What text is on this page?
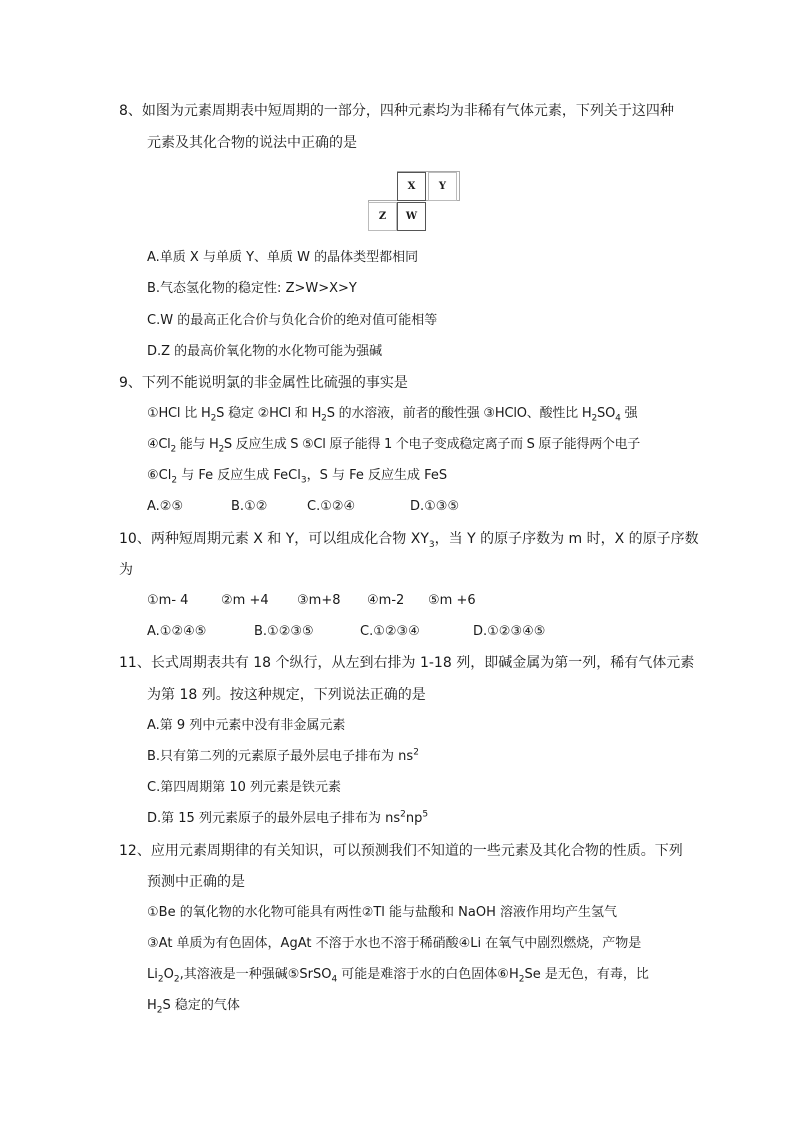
8、如图为元素周期表中短周期的一部分，四种元素均为非稀有气体元素，下列关于这四种
元素及其化合物的说法中正确的是
X	Y
Z	W
A.单质 X 与单质 Y、单质 W 的晶体类型都相同
B.气态氢化物的稳定性: Z>W>X>Y
C.W 的最高正化合价与负化合价的绝对值可能相等
D.Z 的最高价氧化物的水化物可能为强碱
9、下列不能说明氯的非金属性比硫强的事实是
①HCl 比 $H_2S$ 稳定 ②HCl 和 $H_2S$ 的水溶液，前者的酸性强 ③HClO、酸性比 $H_2SO_4$ 强
$④Cl_2$ 能与 $H_2S$ 反应生成 S ⑤Cl 原子能得 1 个电子变成稳定离子而 S 原子能得两个电子
$⑥Cl_2$ 与 Fe 反应生成 FeCl$_3$，S 与 Fe 反应生成 FeS
A.②⑤	B.①②	C.①②④	D.①③⑤
10、两种短周期元素 X 和 Y，可以组成化合物 $XY_3$，当 Y 的原子序数为 m 时，X 的原子序数
为
①m- 4	②m +4 ③m+8 ④m-2 ⑤m +6
A.①②④⑤	B.①②③⑤	C.①②③④	D.①②③④⑤
11、长式周期表共有 18 个纵行，从左到右排为 1-18 列，即碱金属为第一列，稀有气体元素
为第 18 列。按这种规定，下列说法正确的是
A.第 9 列中元素中没有非金属元素
B.只有第二列的元素原子最外层电子排布为 $ns^2$
C.第四周期第 10 列元素是铁元素
D.第 15 列元素原子的最外层电子排布为 $ns^2np^5$
12、应用元素周期律的有关知识，可以预测我们不知道的一些元素及其化合物的性质。下列
预测中正确的是
①Be 的氧化物的水化物可能具有两性②Tl 能与盐酸和 NaOH 溶液作用均产生氢气
③At 单质为有色固体，AgAt 不溶于水也不溶于稀硝酸④Li 在氧气中剧烈燃烧，产物是
$Li_2O_2$,其溶液是一种强碱⑤SrSO$_4$ 可能是难溶于水的白色固体$⑥H_2Se$ 是无色，有毒，比
$H_2S$ 稳定的气体
